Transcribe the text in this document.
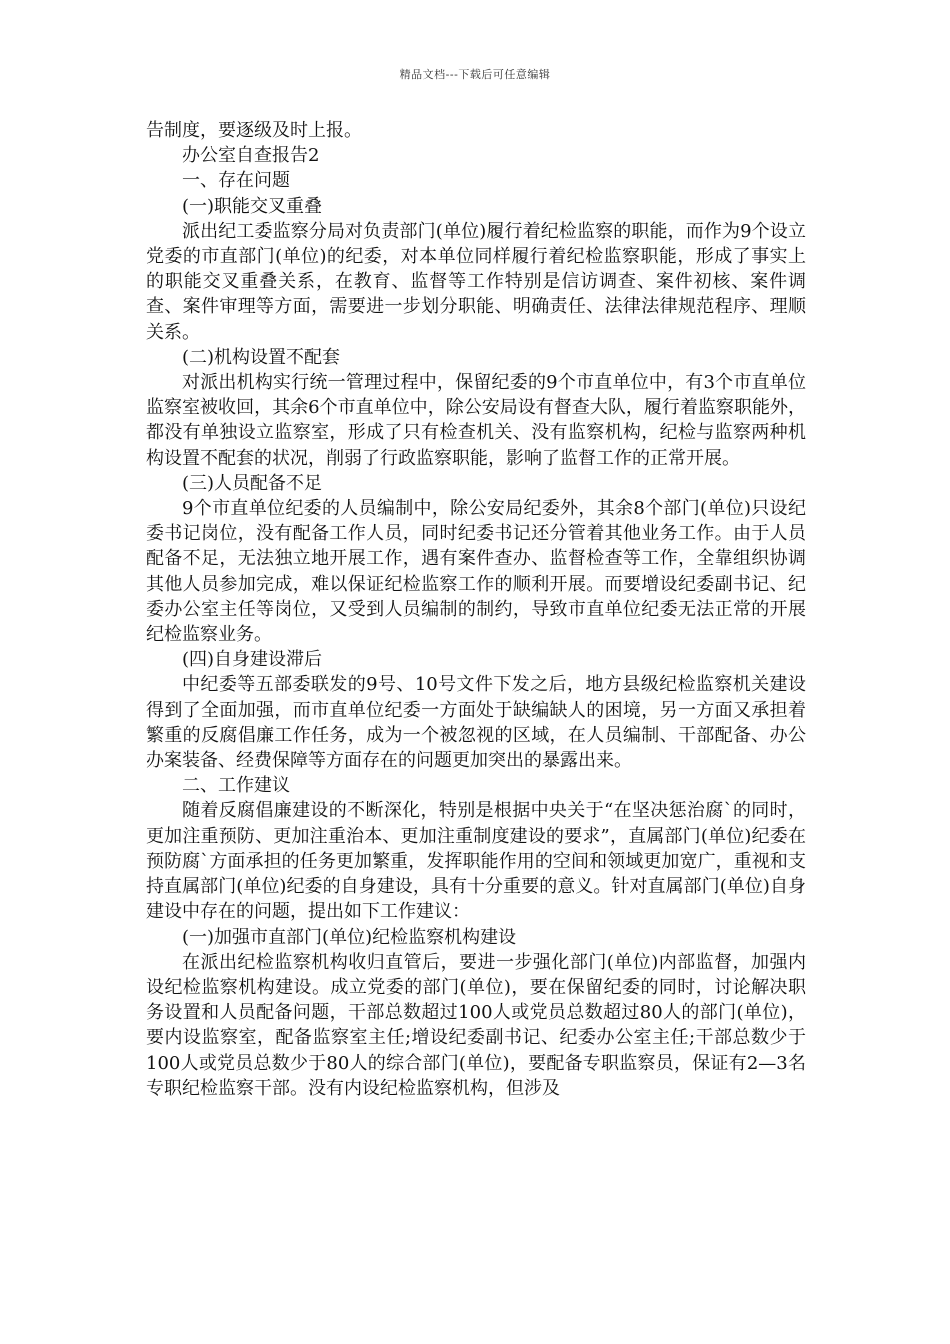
精品文档---下载后可任意编辑

告制度，要逐级及时上报。

办公室自查报告2

一、存在问题

(一)职能交叉重叠

派出纪工委监察分局对负责部门(单位)履行着纪检监察的职能，而作为9个设立党委的市直部门(单位)的纪委，对本单位同样履行着纪检监察职能，形成了事实上的职能交叉重叠关系，在教育、监督等工作特别是信访调查、案件初核、案件调查、案件审理等方面，需要进一步划分职能、明确责任、法律法律规范程序、理顺关系。

(二)机构设置不配套

对派出机构实行统一管理过程中，保留纪委的9个市直单位中，有3个市直单位监察室被收回，其余6个市直单位中，除公安局设有督查大队，履行着监察职能外，都没有单独设立监察室，形成了只有检查机关、没有监察机构，纪检与监察两种机构设置不配套的状况，削弱了行政监察职能，影响了监督工作的正常开展。

(三)人员配备不足

9个市直单位纪委的人员编制中，除公安局纪委外，其余8个部门(单位)只设纪委书记岗位，没有配备工作人员，同时纪委书记还分管着其他业务工作。由于人员配备不足，无法独立地开展工作，遇有案件查办、监督检查等工作，全靠组织协调其他人员参加完成，难以保证纪检监察工作的顺利开展。而要增设纪委副书记、纪委办公室主任等岗位，又受到人员编制的制约，导致市直单位纪委无法正常的开展纪检监察业务。

(四)自身建设滞后

中纪委等五部委联发的9号、10号文件下发之后，地方县级纪检监察机关建设得到了全面加强，而市直单位纪委一方面处于缺编缺人的困境，另一方面又承担着繁重的反腐倡廉工作任务，成为一个被忽视的区域，在人员编制、干部配备、办公办案装备、经费保障等方面存在的问题更加突出的暴露出来。

二、工作建议

随着反腐倡廉建设的不断深化，特别是根据中央关于“在坚决惩治腐`的同时，更加注重预防、更加注重治本、更加注重制度建设的要求”，直属部门(单位)纪委在预防腐`方面承担的任务更加繁重，发挥职能作用的空间和领域更加宽广，重视和支持直属部门(单位)纪委的自身建设，具有十分重要的意义。针对直属部门(单位)自身建设中存在的问题，提出如下工作建议：

(一)加强市直部门(单位)纪检监察机构建设

在派出纪检监察机构收归直管后，要进一步强化部门(单位)内部监督，加强内设纪检监察机构建设。成立党委的部门(单位)，要在保留纪委的同时，讨论解决职务设置和人员配备问题，干部总数超过100人或党员总数超过80人的部门(单位)，要内设监察室，配备监察室主任;增设纪委副书记、纪委办公室主任;干部总数少于100人或党员总数少于80人的综合部门(单位)，要配备专职监察员，保证有2—3名专职纪检监察干部。没有内设纪检监察机构，但涉及
